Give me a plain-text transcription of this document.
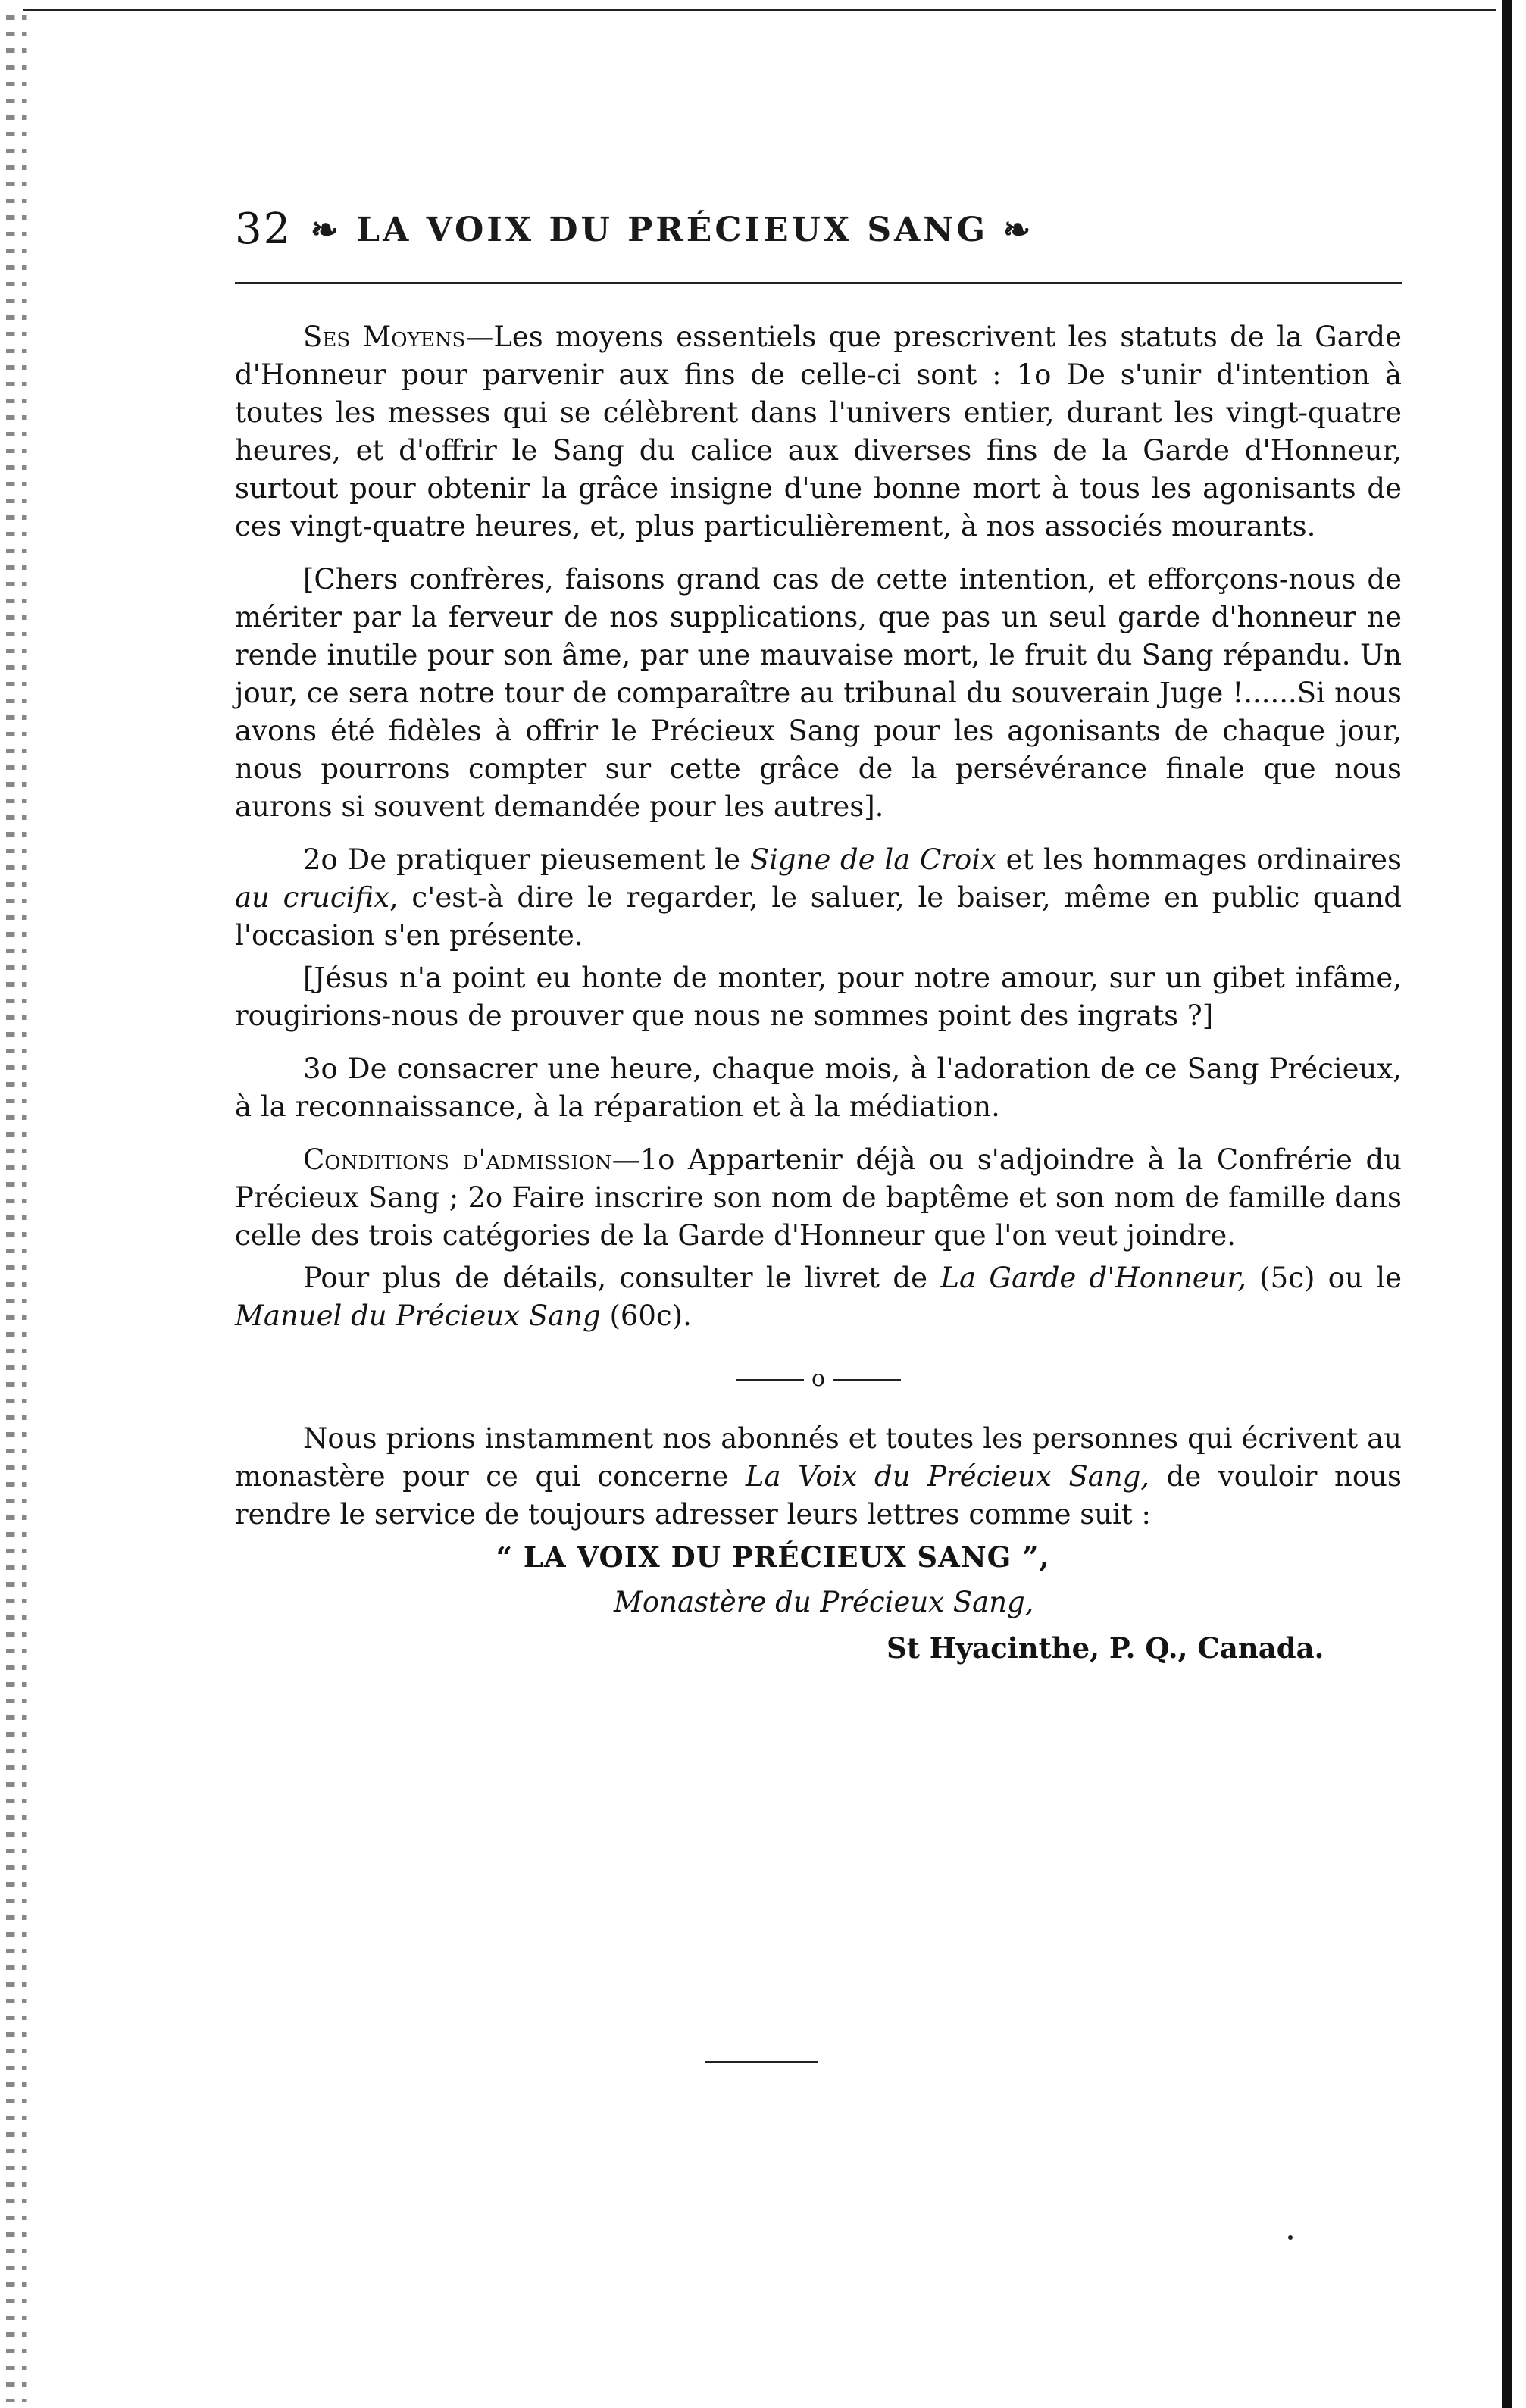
32 ❧ LA VOIX DU PRÉCIEUX SANG ❧

Ses Moyens—Les moyens essentiels que prescrivent les statuts de la Garde d'Honneur pour parvenir aux fins de celle-ci sont : 1o De s'unir d'intention à toutes les messes qui se célèbrent dans l'univers entier, durant les vingt-quatre heures, et d'offrir le Sang du calice aux diverses fins de la Garde d'Honneur, surtout pour obtenir la grâce insigne d'une bonne mort à tous les agonisants de ces vingt-quatre heures, et, plus particulièrement, à nos associés mourants.

[Chers confrères, faisons grand cas de cette intention, et efforçons-nous de mériter par la ferveur de nos supplications, que pas un seul garde d'honneur ne rende inutile pour son âme, par une mauvaise mort, le fruit du Sang répandu. Un jour, ce sera notre tour de comparaître au tribunal du souverain Juge !......Si nous avons été fidèles à offrir le Précieux Sang pour les agonisants de chaque jour, nous pourrons compter sur cette grâce de la persévérance finale que nous aurons si souvent demandée pour les autres].

2o De pratiquer pieusement le Signe de la Croix et les hommages ordinaires au crucifix, c'est-à dire le regarder, le saluer, le baiser, même en public quand l'occasion s'en présente.

[Jésus n'a point eu honte de monter, pour notre amour, sur un gibet infâme, rougirions-nous de prouver que nous ne sommes point des ingrats ?]

3o De consacrer une heure, chaque mois, à l'adoration de ce Sang Précieux, à la reconnaissance, à la réparation et à la médiation.

Conditions d'admission—1o Appartenir déjà ou s'adjoindre à la Confrérie du Précieux Sang ; 2o Faire inscrire son nom de baptême et son nom de famille dans celle des trois catégories de la Garde d'Honneur que l'on veut joindre.

Pour plus de détails, consulter le livret de La Garde d'Honneur, (5c) ou le Manuel du Précieux Sang (60c).

o

Nous prions instamment nos abonnés et toutes les personnes qui écrivent au monastère pour ce qui concerne La Voix du Précieux Sang, de vouloir nous rendre le service de toujours adresser leurs lettres comme suit :

“ LA VOIX DU PRÉCIEUX SANG ”,
Monastère du Précieux Sang,
St Hyacinthe, P. Q., Canada.
